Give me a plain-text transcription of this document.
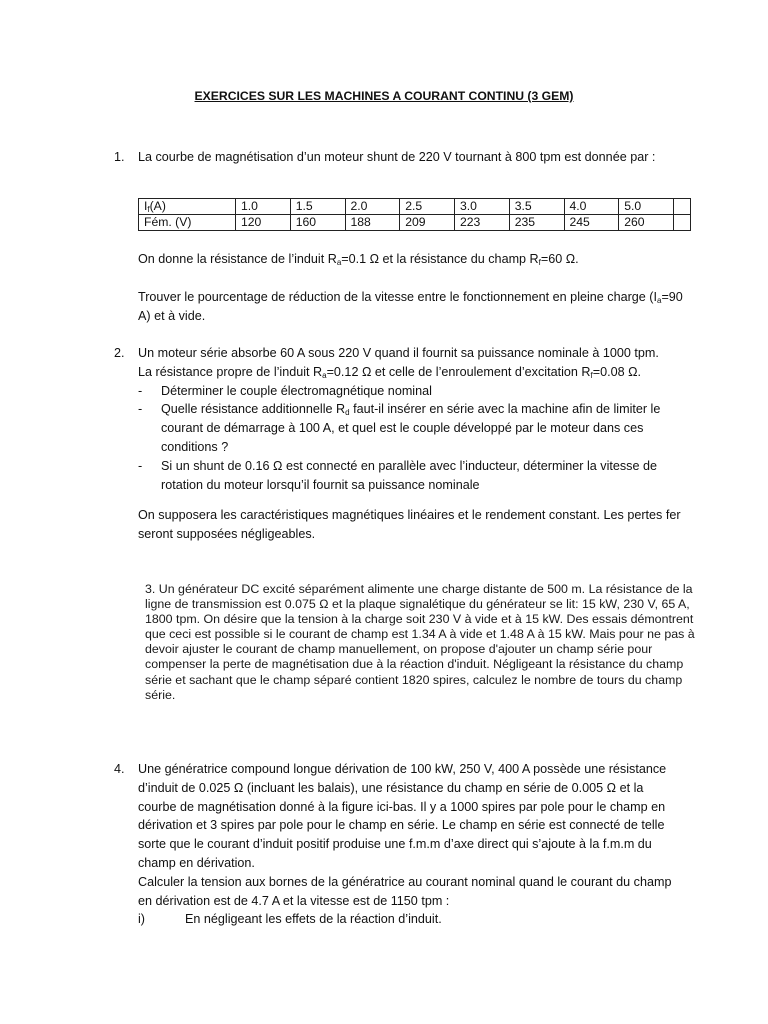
EXERCICES SUR LES MACHINES A COURANT CONTINU (3 GEM)
1. La courbe de magnétisation d’un moteur shunt de 220 V tournant à 800 tpm est donnée par :

$I_f(A)$	1.0	1.5	2.0	2.5	3.0	3.5	4.0	5.0	
Fém. (V)	120	160	188	209	223	235	245	260	

On donne la résistance de l’induit $R_a=0.1$ Ω et la résistance du champ $R_f=60$ Ω.

Trouver le pourcentage de réduction de la vitesse entre le fonctionnement en pleine charge ($I_a=90$ A) et à vide.

2. Un moteur série absorbe 60 A sous 220 V quand il fournit sa puissance nominale à 1000 tpm.

La résistance propre de l’induit $R_a=0.12$ Ω et celle de l’enroulement d’excitation $R_f=0.08$ Ω.

- Déterminer le couple électromagnétique nominal
- Quelle résistance additionnelle $R_d$ faut-il insérer en série avec la machine afin de limiter le courant de démarrage à 100 A, et quel est le couple développé par le moteur dans ces conditions ?
- Si un shunt de 0.16 Ω est connecté en parallèle avec l’inducteur, déterminer la vitesse de rotation du moteur lorsqu’il fournit sa puissance nominale

On supposera les caractéristiques magnétiques linéaires et le rendement constant. Les pertes fer seront supposées négligeables.

3. Un générateur DC excité séparément alimente une charge distante de 500 m. La résistance de la ligne de transmission est 0.075 Ω et la plaque signalétique du générateur se lit: 15 kW, 230 V, 65 A, 1800 tpm. On désire que la tension à la charge soit 230 V à vide et à 15 kW. Des essais démontrent que ceci est possible si le courant de champ est 1.34 A à vide et 1.48 A à 15 kW. Mais pour ne pas à devoir ajuster le courant de champ manuellement, on propose d'ajouter un champ série pour compenser la perte de magnétisation due à la réaction d'induit. Négligeant la résistance du champ série et sachant que le champ séparé contient 1820 spires, calculez le nombre de tours du champ série.
4. Une génératrice compound longue dérivation de 100 kW, 250 V, 400 A possède une résistance d’induit de 0.025 Ω (incluant les balais), une résistance du champ en série de 0.005 Ω et la courbe de magnétisation donné à la figure ici-bas. Il y a 1000 spires par pole pour le champ en dérivation et 3 spires par pole pour le champ en série. Le champ en série est connecté de telle sorte que le courant d’induit positif produise une f.m.m d’axe direct qui s’ajoute à la f.m.m du champ en dérivation.

Calculer la tension aux bornes de la génératrice au courant nominal quand le courant du champ en dérivation est de 4.7 A et la vitesse est de 1150 tpm :

i)	En négligeant les effets de la réaction d’induit.
